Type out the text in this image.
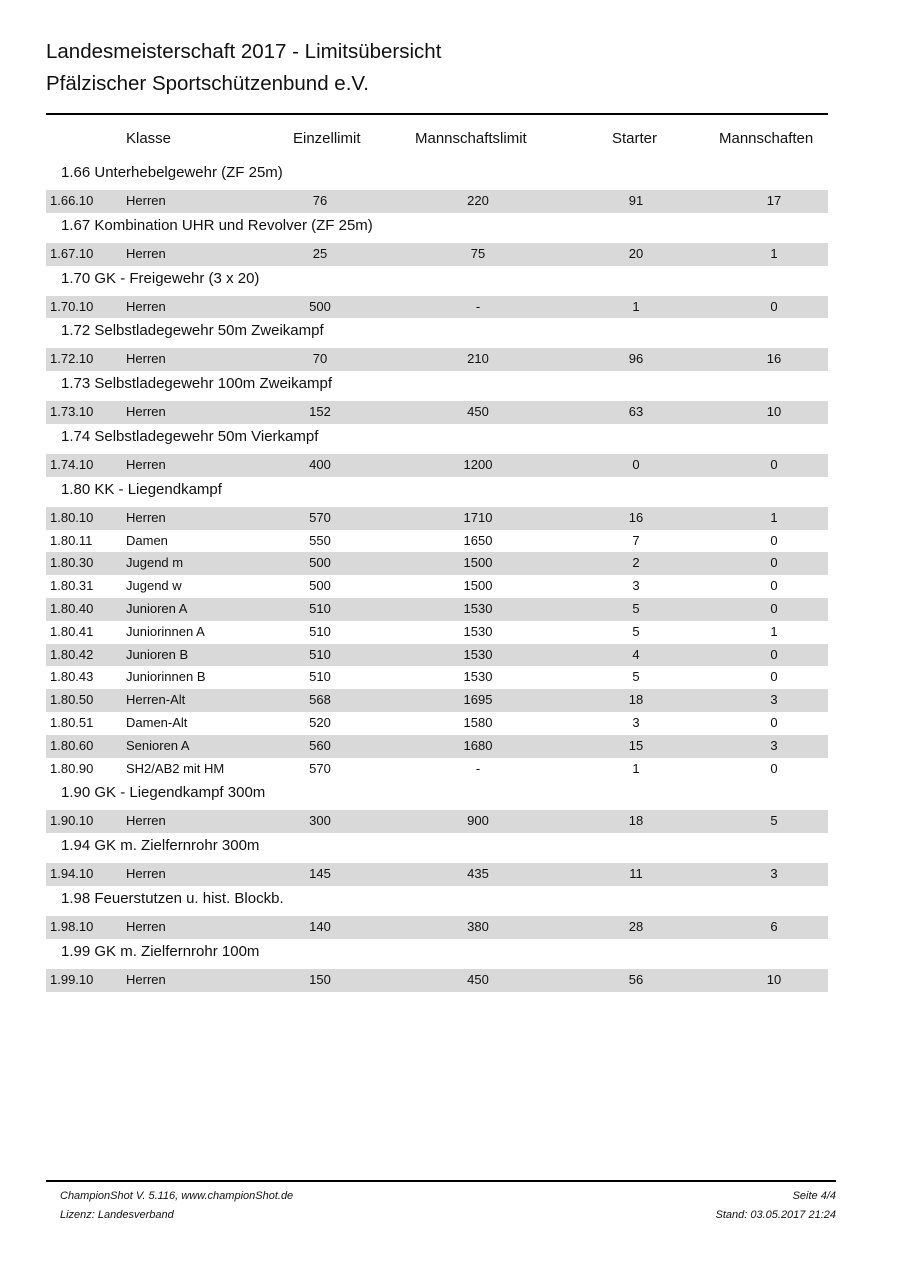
Landesmeisterschaft 2017 - Limitsübersicht
Pfälzischer Sportschützenbund e.V.
Klasse	Einzellimit	Mannschaftslimit	Starter	Mannschaften
1.66 Unterhebelgewehr (ZF 25m)
1.66.10	Herren	76	220	91	17
1.67 Kombination UHR und Revolver (ZF 25m)
1.67.10	Herren	25	75	20	1
1.70 GK - Freigewehr (3 x 20)
1.70.10	Herren	500	-	1	0
1.72 Selbstladegewehr 50m Zweikampf
1.72.10	Herren	70	210	96	16
1.73 Selbstladegewehr 100m Zweikampf
1.73.10	Herren	152	450	63	10
1.74 Selbstladegewehr 50m Vierkampf
1.74.10	Herren	400	1200	0	0
1.80 KK - Liegendkampf
1.80.10	Herren	570	1710	16	1
1.80.11	Damen	550	1650	7	0
1.80.30	Jugend m	500	1500	2	0
1.80.31	Jugend w	500	1500	3	0
1.80.40	Junioren A	510	1530	5	0
1.80.41	Juniorinnen A	510	1530	5	1
1.80.42	Junioren B	510	1530	4	0
1.80.43	Juniorinnen B	510	1530	5	0
1.80.50	Herren-Alt	568	1695	18	3
1.80.51	Damen-Alt	520	1580	3	0
1.80.60	Senioren A	560	1680	15	3
1.80.90	SH2/AB2 mit HM	570	-	1	0
1.90 GK - Liegendkampf 300m
1.90.10	Herren	300	900	18	5
1.94 GK m. Zielfernrohr 300m
1.94.10	Herren	145	435	11	3
1.98 Feuerstutzen u. hist. Blockb.
1.98.10	Herren	140	380	28	6
1.99 GK m. Zielfernrohr 100m
1.99.10	Herren	150	450	56	10
ChampionShot V. 5.116, www.championShot.de
Lizenz: Landesverband
Seite 4/4
Stand: 03.05.2017 21:24
